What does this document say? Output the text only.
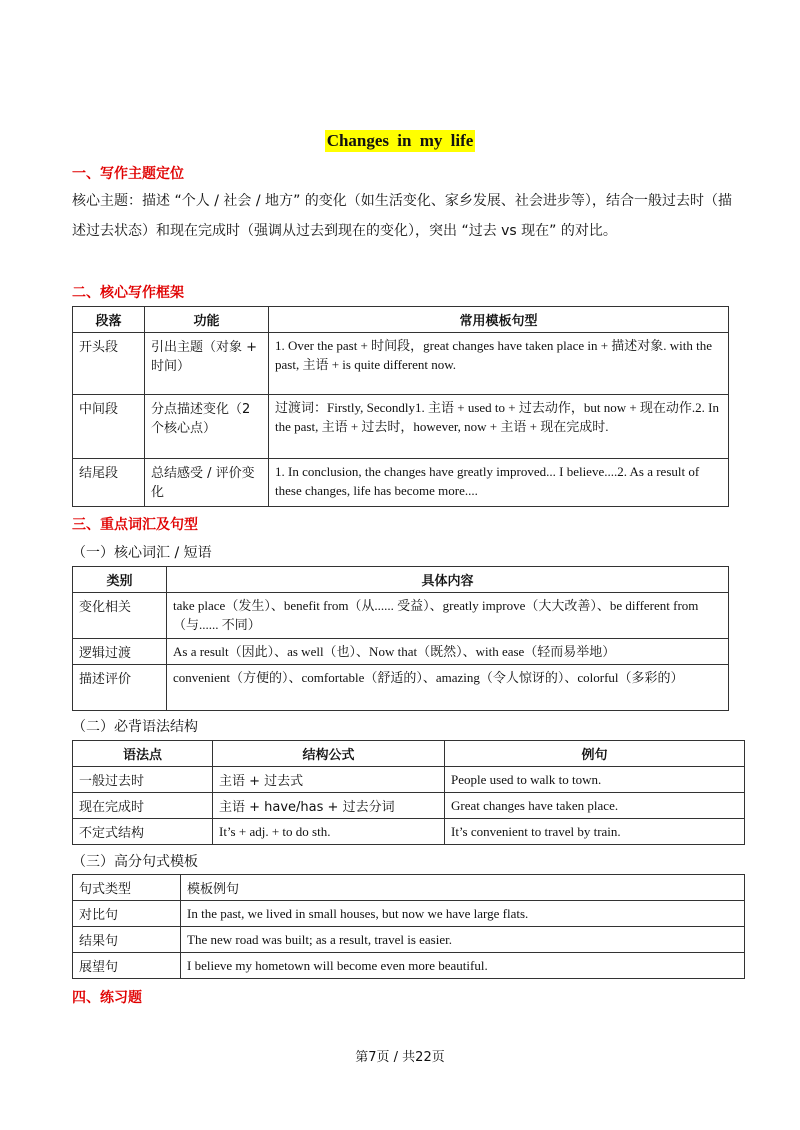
Changes in my life
一、写作主题定位
核心主题：描述 “个人 / 社会 / 地方” 的变化（如生活变化、家乡发展、社会进步等），结合一般过去时（描述过去状态）和现在完成时（强调从过去到现在的变化），突出 “过去 vs 现在” 的对比。
二、核心写作框架
段落	功能	常用模板句型
开头段	引出主题（对象 + 时间）	1. Over the past + 时间段，great changes have taken place in + 描述对象. with the past, 主语 + is quite different now.
中间段	分点描述变化（2 个核心点）	过渡词：Firstly, Secondly1. 主语 + used to + 过去动作，but now + 现在动作.2. In the past, 主语 + 过去时，however, now + 主语 + 现在完成时.
结尾段	总结感受 / 评价变化	1. In conclusion, the changes have greatly improved... I believe....2. As a result of these changes, life has become more....
三、重点词汇及句型
（一）核心词汇 / 短语
类别	具体内容
变化相关	take place（发生）、benefit from（从...... 受益）、greatly improve（大大改善）、be different from（与...... 不同）
逻辑过渡	As a result（因此）、as well（也）、Now that（既然）、with ease（轻而易举地）
描述评价	convenient（方便的）、comfortable（舒适的）、amazing（令人惊讶的）、colorful（多彩的）
（二）必背语法结构
语法点	结构公式	例句
一般过去时	主语 + 过去式	People used to walk to town.
现在完成时	主语 + have/has + 过去分词	Great changes have taken place.
不定式结构	It’s + adj. + to do sth.	It’s convenient to travel by train.
（三）高分句式模板
句式类型	模板例句
对比句	In the past, we lived in small houses, but now we have large flats.
结果句	The new road was built; as a result, travel is easier.
展望句	I believe my hometown will become even more beautiful.
四、练习题
第7页 / 共22页
